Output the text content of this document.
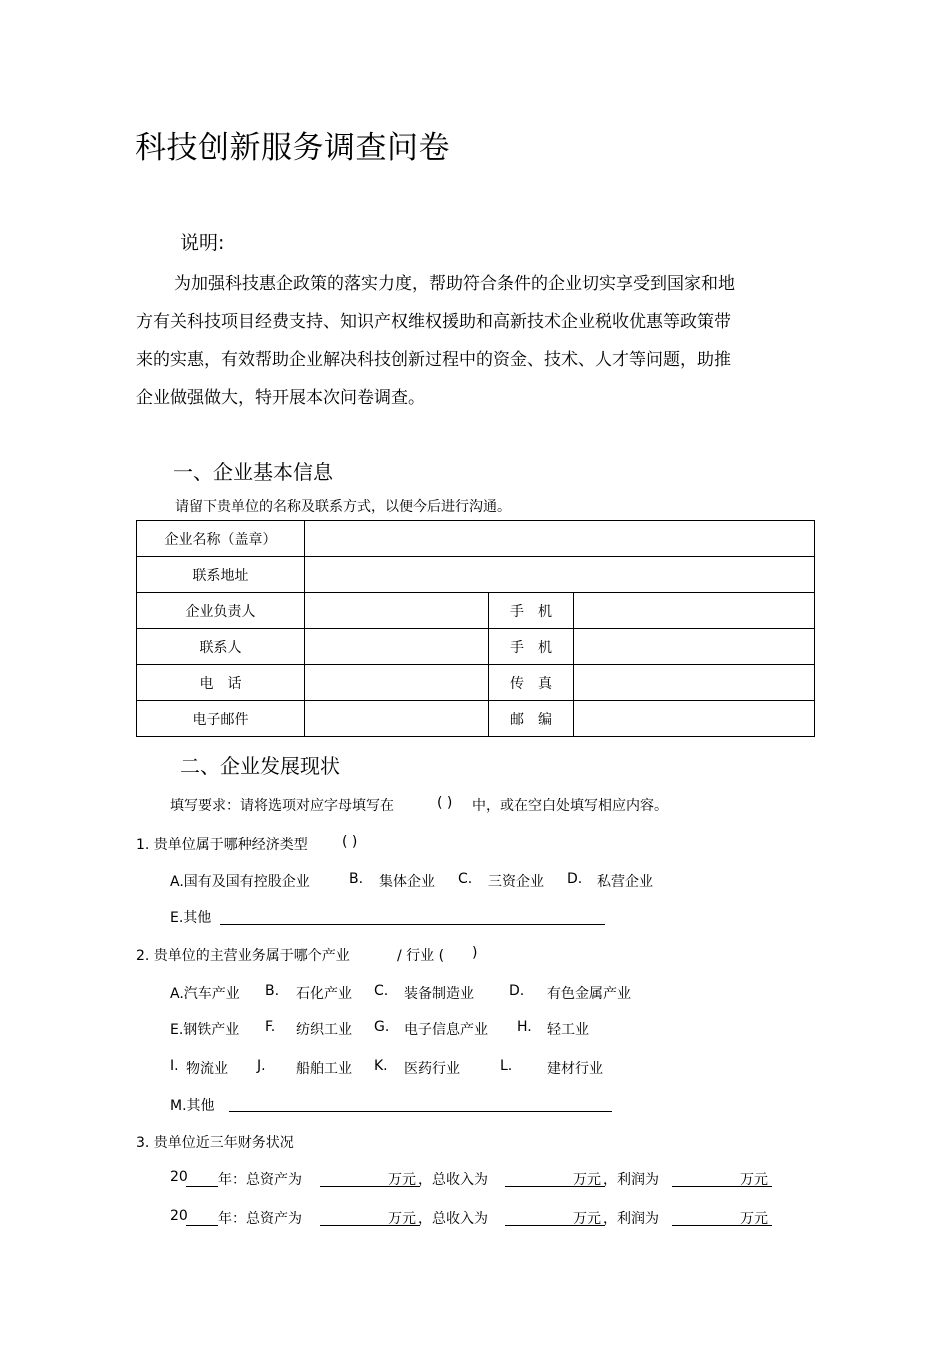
科技创新服务调查问卷
说明:
为加强科技惠企政策的落实力度，帮助符合条件的企业切实享受到国家和地
方有关科技项目经费支持、知识产权维权援助和高新技术企业税收优惠等政策带
来的实惠，有效帮助企业解决科技创新过程中的资金、技术、人才等问题，助推
企业做强做大，特开展本次问卷调查。
一、企业基本信息
请留下贵单位的名称及联系方式，以便今后进行沟通。
企业名称（盖章）			
联系地址			
企业负责人		手　机	
联系人		手　机	
电　话		传　真	
电子邮件		邮　编	
二、企业发展现状
填写要求：请将选项对应字母填写在	( ) 中，或在空白处填写相应内容。
1. 贵单位属于哪种经济类型 ( )
A.国有及国有控股企业	B. 集体企业 C. 三资企业 D. 私营企业
E.其他
2. 贵单位的主营业务属于哪个产业	/ 行业 ( )
A.汽车产业 B. 石化产业 C. 装备制造业	D. 有色金属产业
E.钢铁产业 F. 纺织工业 G. 电子信息产业 H. 轻工业
I. 物流业 J. 船舶工业 K. 医药行业	L. 建材行业
M.其他
3. 贵单位近三年财务状况
20 年：总资产为	万元 ，总收入为	万元 ，利润为	万元
20 年：总资产为	万元 ，总收入为	万元 ，利润为	万元
